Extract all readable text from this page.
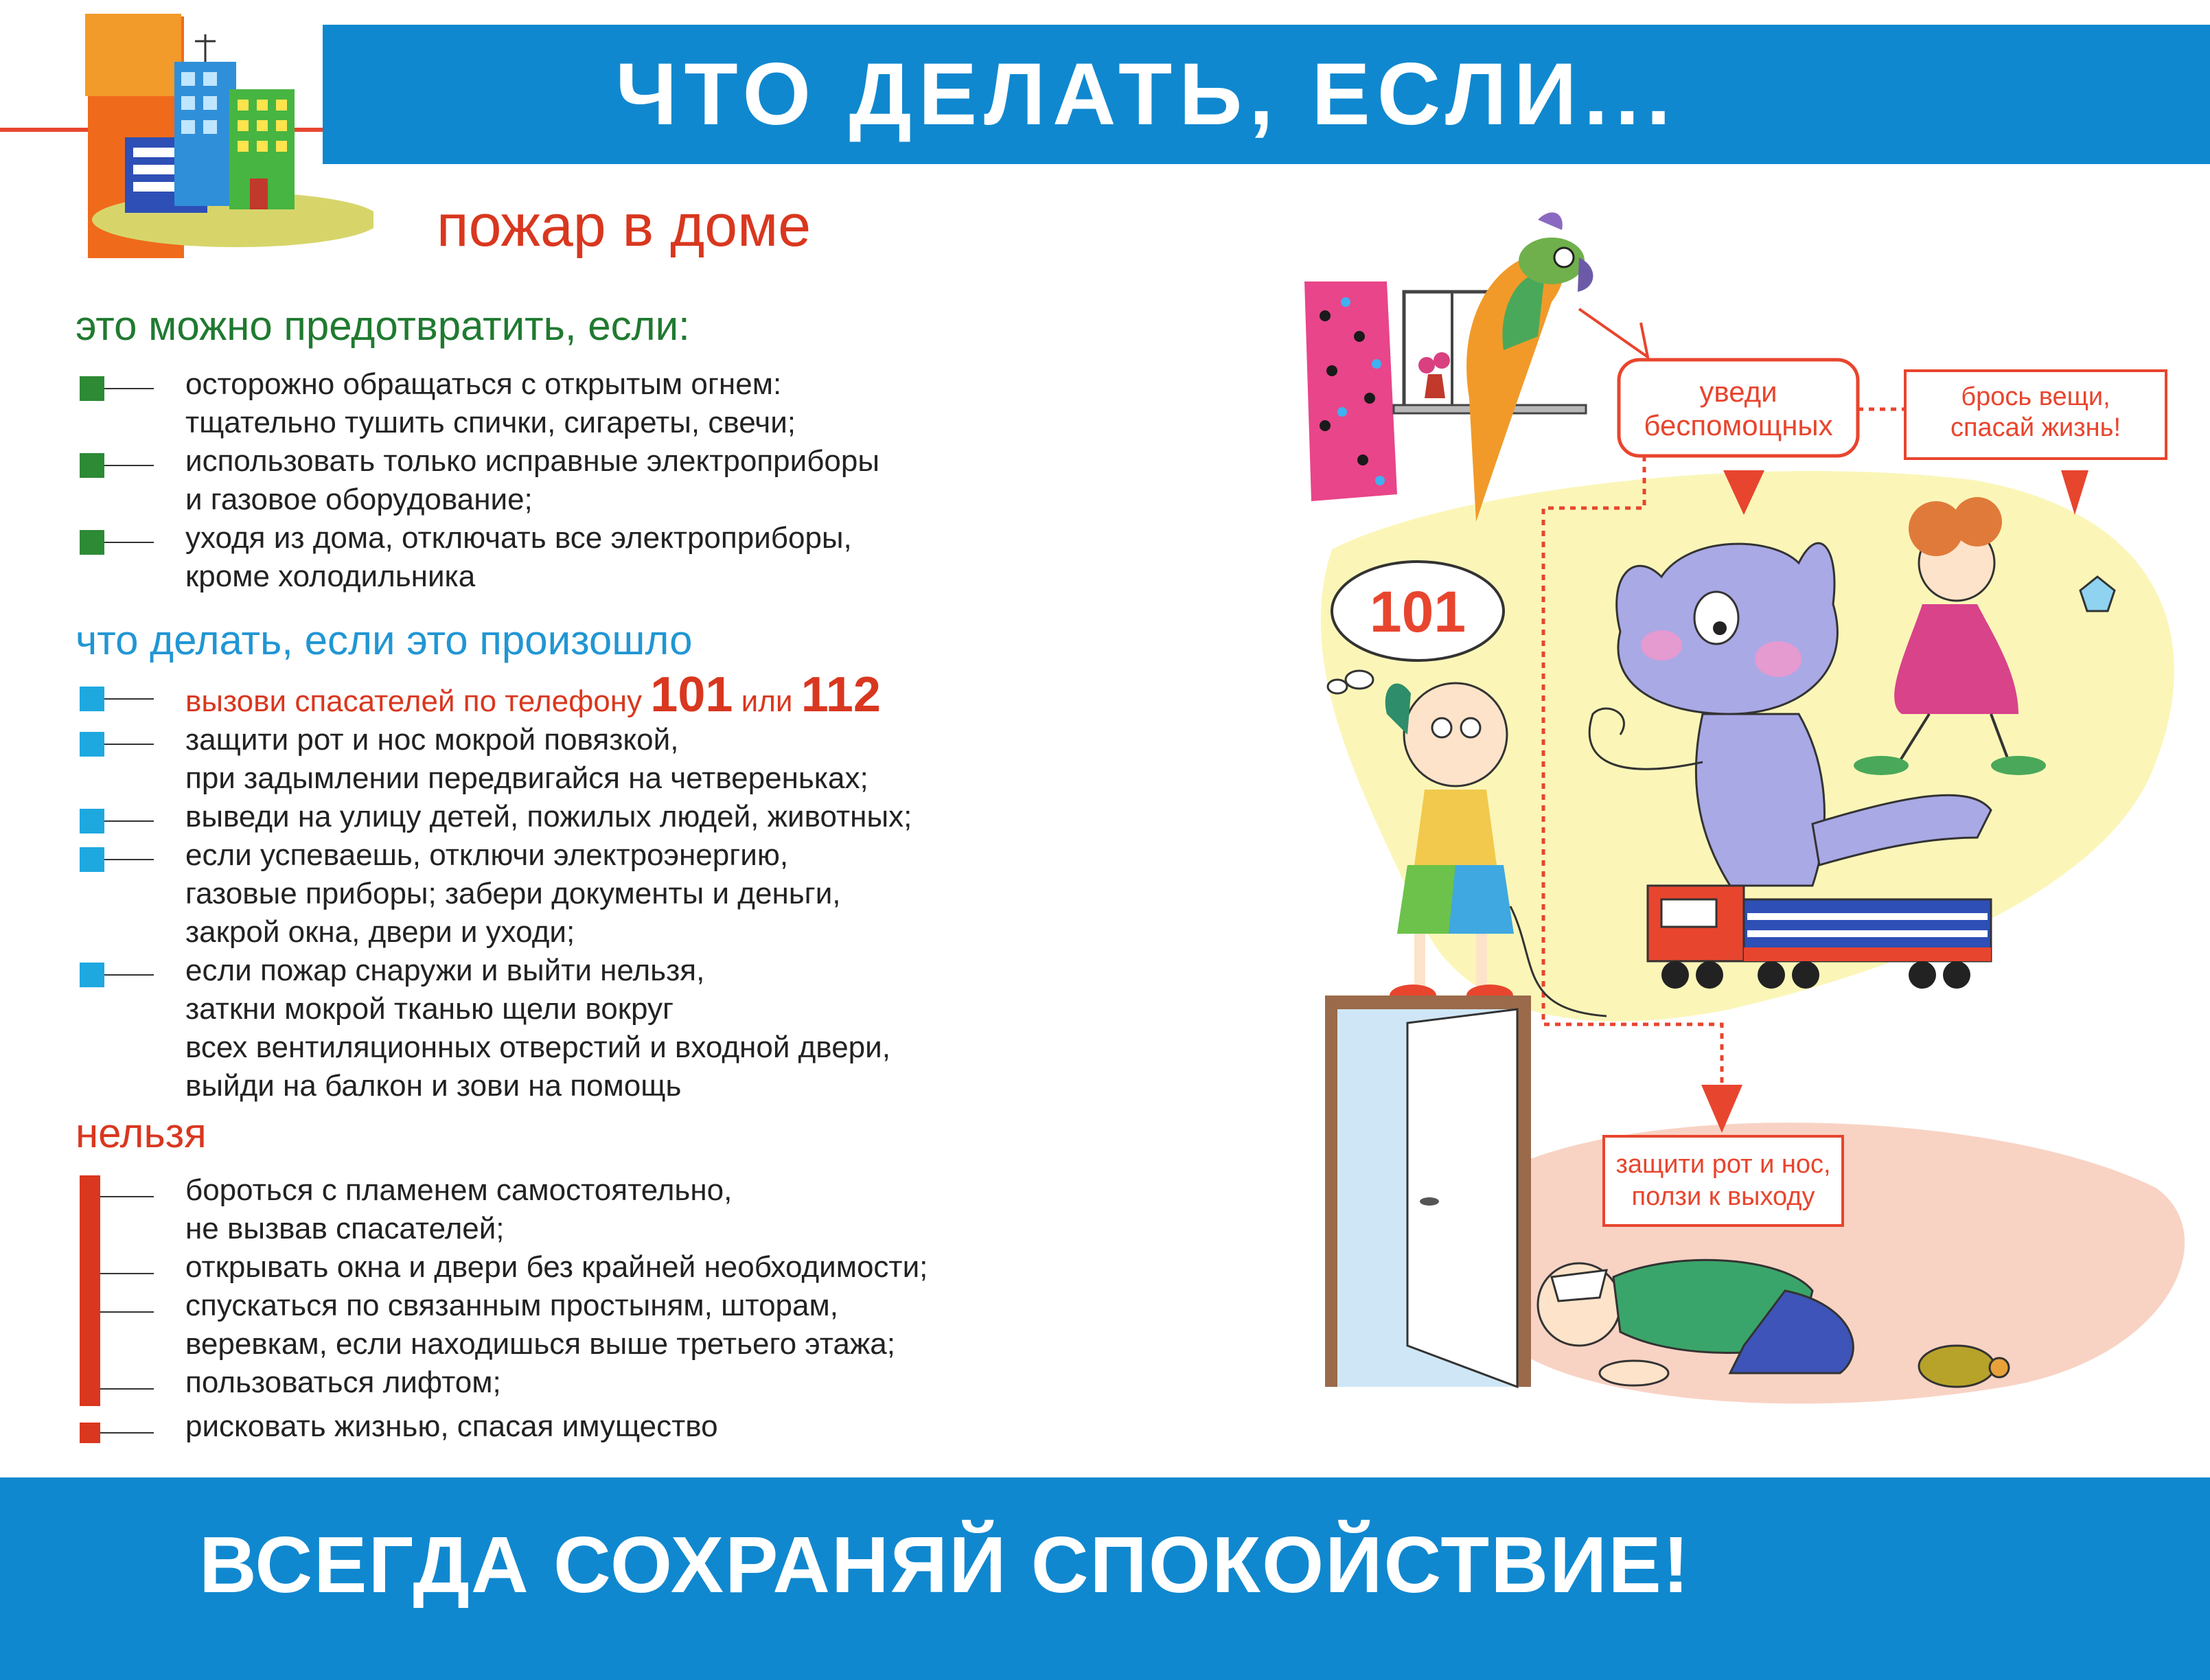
ЧТО ДЕЛАТЬ, ЕСЛИ...
пожар в доме
это можно предотвратить, если:
осторожно обращаться с открытым огнем:
тщательно тушить спички, сигареты, свечи;
использовать только исправные электроприборы
и газовое оборудование;
уходя из дома, отключать все электроприборы,
кроме холодильника
что делать, если это произошло
вызови спасателей по телефону 101 или 112
защити рот и нос мокрой повязкой,
при задымлении передвигайся на четвереньках;
выведи на улицу детей, пожилых людей, животных;
если успеваешь, отключи электроэнергию,
газовые приборы; забери документы и деньги,
закрой окна, двери и уходи;
если пожар снаружи и выйти нельзя,
заткни мокрой тканью щели вокруг
всех вентиляционных отверстий и входной двери,
выйди на балкон и зови на помощь
нельзя
бороться с пламенем самостоятельно,
не вызвав спасателей;
открывать окна и двери без крайней необходимости;
спускаться по связанным простыням, шторам,
веревкам, если находишься выше третьего этажа;
пользоваться лифтом;
рисковать жизнью, спасая имущество
уведи
беспомощных
брось вещи,
спасай жизнь!
101
защити рот и нос,
ползи к выходу
ВСЕГДА СОХРАНЯЙ СПОКОЙСТВИЕ!
